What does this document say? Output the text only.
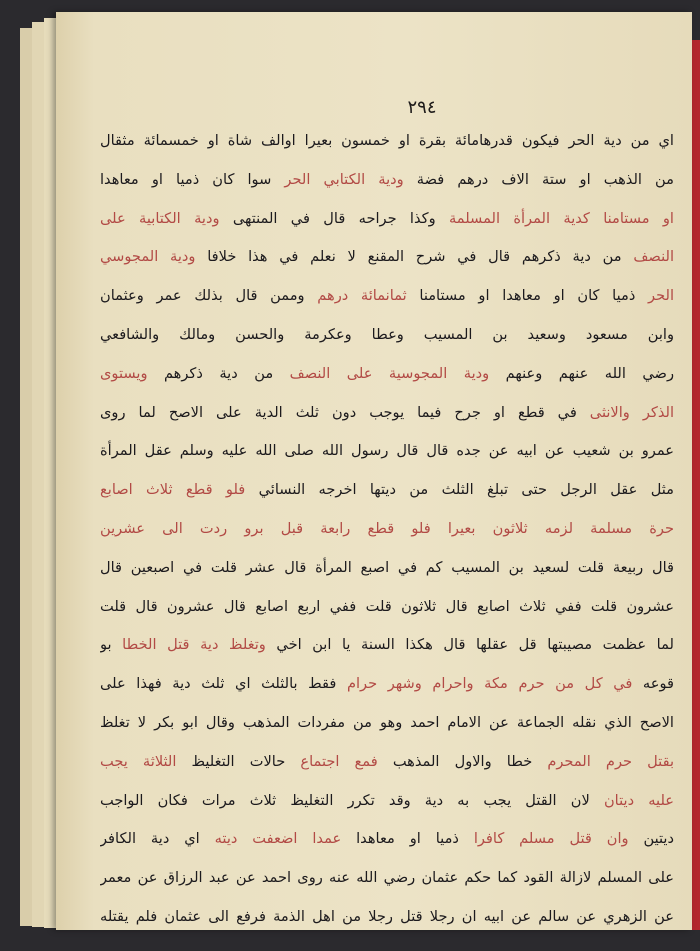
٢٩٤
اي من دية الحر فيكون قدرهامائة بقرة او خمسون بعيرا اوالف شاة او خمسمائة مثقال
من الذهب او ستة الاف درهم فضة ودية الكتابي الحر سوا كان ذميا او معاهدا
او مستامنا كدية المرأة المسلمة وكذا جراحه قال في المنتهى ودية الكتابية على
النصف من دية ذكرهم قال في شرح المقنع لا نعلم في هذا خلافا ودية المجوسي
الحر ذميا كان او معاهدا او مستامنا ثمانمائة درهم وممن قال بذلك عمر وعثمان
وابن مسعود وسعيد بن المسيب وعطا وعكرمة والحسن ومالك والشافعي
رضي الله عنهم وعنهم ودية المجوسية على النصف من دية ذكرهم ويستوى
الذكر والانثى في قطع او جرح فيما يوجب دون ثلث الدية على الاصح لما روى
عمرو بن شعيب عن ابيه عن جده قال قال رسول الله صلى الله عليه وسلم عقل المرأة
مثل عقل الرجل حتى تبلغ الثلث من ديتها اخرجه النسائي فلو قطع ثلاث اصابع
حرة مسلمة لزمه ثلاثون بعيرا فلو قطع رابعة قبل برو ردت الى عشرين
قال ربيعة قلت لسعيد بن المسيب كم في اصبع المرأة قال عشر قلت في اصبعين قال
عشرون قلت ففي ثلاث اصابع قال ثلاثون قلت ففي اربع اصابع قال عشرون قال قلت
لما عظمت مصيبتها قل عقلها قال هكذا السنة يا ابن اخي وتغلظ دية قتل الخطا بو
قوعه في كل من حرم مكة واحرام وشهر حرام فقط بالثلث اي ثلث دية فهذا على
الاصح الذي نقله الجماعة عن الامام احمد وهو من مفردات المذهب وقال ابو بكر لا تغلظ
بقتل حرم المحرم خطا والاول المذهب فمع اجتماع حالات التغليظ الثلاثة يجب
عليه ديتان لان القتل يجب به دية وقد تكرر التغليظ ثلاث مرات فكان الواجب
ديتين وان قتل مسلم كافرا ذميا او معاهدا عمدا اضعفت ديته اي دية الكافر
على المسلم لازالة القود كما حكم عثمان رضي الله عنه روى احمد عن عبد الرزاق عن معمر
عن الزهري عن سالم عن ابيه ان رجلا قتل رجلا من اهل الذمة فرفع الى عثمان فلم يقتله
